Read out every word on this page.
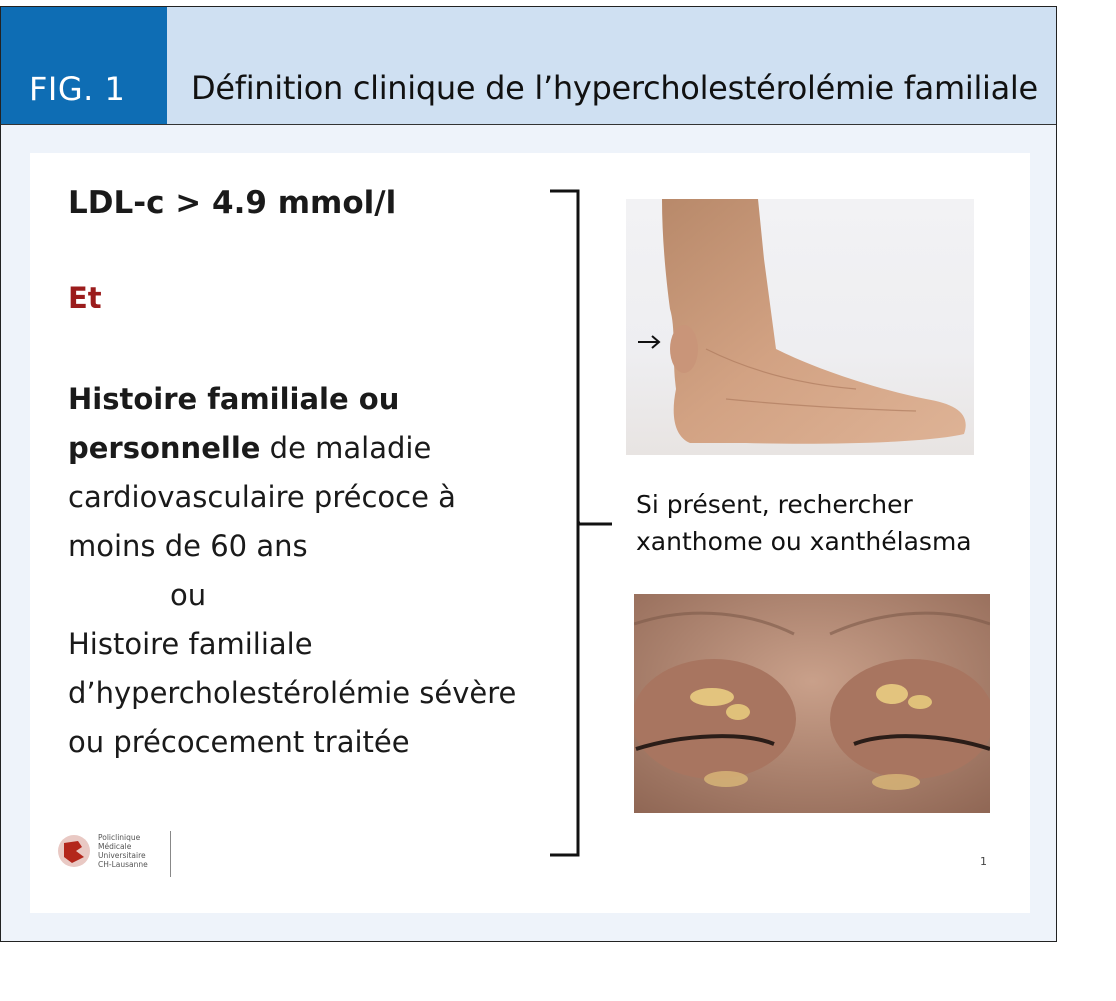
FIG. 1	Définition clinique de l’hypercholestérolémie familiale
LDL-c > 4.9 mmol/l
Et
Histoire familiale ou
personnelle de maladie cardiovasculaire précoce à moins de 60 ans
ou
Histoire familiale d’hypercholestérolémie sévère ou précocement traitée
Si présent, rechercher
xanthome ou xanthélasma
Policlinique
Médicale
Universitaire
CH-Lausanne	1
